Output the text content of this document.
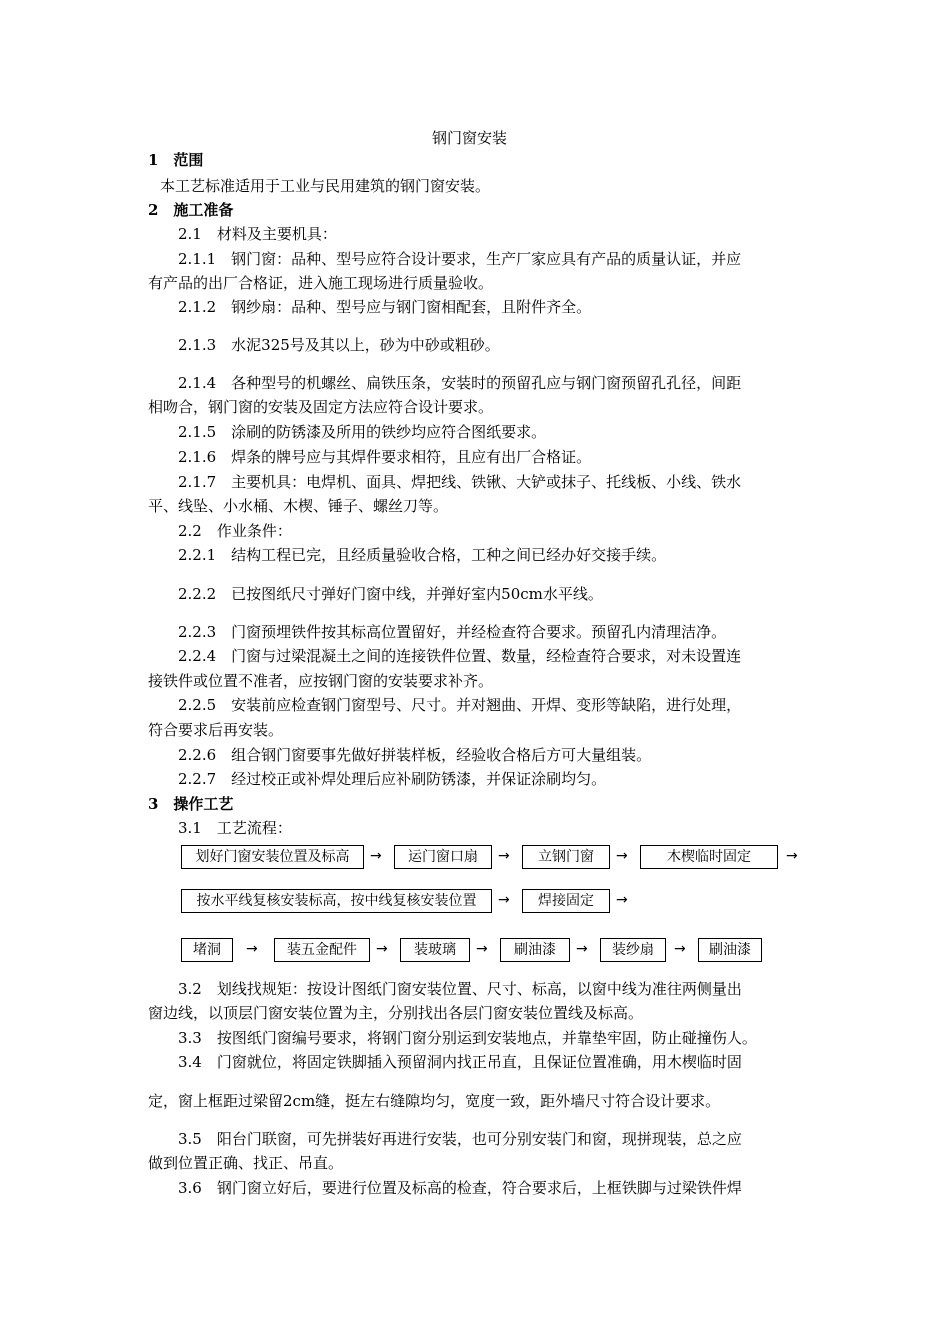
钢门窗安装
1　范围
本工艺标准适用于工业与民用建筑的钢门窗安装。
2　施工准备
2.1　材料及主要机具：
2.1.1　钢门窗：品种、型号应符合设计要求，生产厂家应具有产品的质量认证，并应
有产品的出厂合格证，进入施工现场进行质量验收。
2.1.2　钢纱扇：品种、型号应与钢门窗相配套，且附件齐全。
2.1.3　水泥325号及其以上，砂为中砂或粗砂。
2.1.4　各种型号的机螺丝、扁铁压条，安装时的预留孔应与钢门窗预留孔孔径，间距
相吻合，钢门窗的安装及固定方法应符合设计要求。
2.1.5　涂刷的防锈漆及所用的铁纱均应符合图纸要求。
2.1.6　焊条的牌号应与其焊件要求相符，且应有出厂合格证。
2.1.7　主要机具：电焊机、面具、焊把线、铁锹、大铲或抹子、托线板、小线、铁水
平、线坠、小水桶、木楔、锤子、螺丝刀等。
2.2　作业条件：
2.2.1　结构工程已完，且经质量验收合格，工种之间已经办好交接手续。
2.2.2　已按图纸尺寸弹好门窗中线，并弹好室内50cm水平线。
2.2.3　门窗预埋铁件按其标高位置留好，并经检查符合要求。预留孔内清理洁净。
2.2.4　门窗与过梁混凝土之间的连接铁件位置、数量，经检查符合要求，对未设置连
接铁件或位置不准者，应按钢门窗的安装要求补齐。
2.2.5　安装前应检查钢门窗型号、尺寸。并对翘曲、开焊、变形等缺陷，进行处理，
符合要求后再安装。
2.2.6　组合钢门窗要事先做好拼装样板，经验收合格后方可大量组装。
2.2.7　经过校正或补焊处理后应补刷防锈漆，并保证涂刷均匀。
3　操作工艺
3.1　工艺流程：
划好门窗安装位置及标高	→	运门窗口扇	→	立钢门窗	→	木楔临时固定	→
按水平线复核安装标高，按中线复核安装位置	→	焊接固定	→
堵洞	→	装五金配件	→	装玻璃	→	刷油漆	→	装纱扇	→	刷油漆
3.2　划线找规矩：按设计图纸门窗安装位置、尺寸、标高，以窗中线为准往两侧量出
窗边线，以顶层门窗安装位置为主，分别找出各层门窗安装位置线及标高。
3.3　按图纸门窗编号要求，将钢门窗分别运到安装地点，并靠垫牢固，防止碰撞伤人。
3.4　门窗就位，将固定铁脚插入预留洞内找正吊直，且保证位置准确，用木楔临时固
定，窗上框距过梁留2cm缝，挺左右缝隙均匀，宽度一致，距外墙尺寸符合设计要求。
3.5　阳台门联窗，可先拼装好再进行安装，也可分别安装门和窗，现拼现装，总之应
做到位置正确、找正、吊直。
3.6　钢门窗立好后，要进行位置及标高的检查，符合要求后，上框铁脚与过梁铁件焊
